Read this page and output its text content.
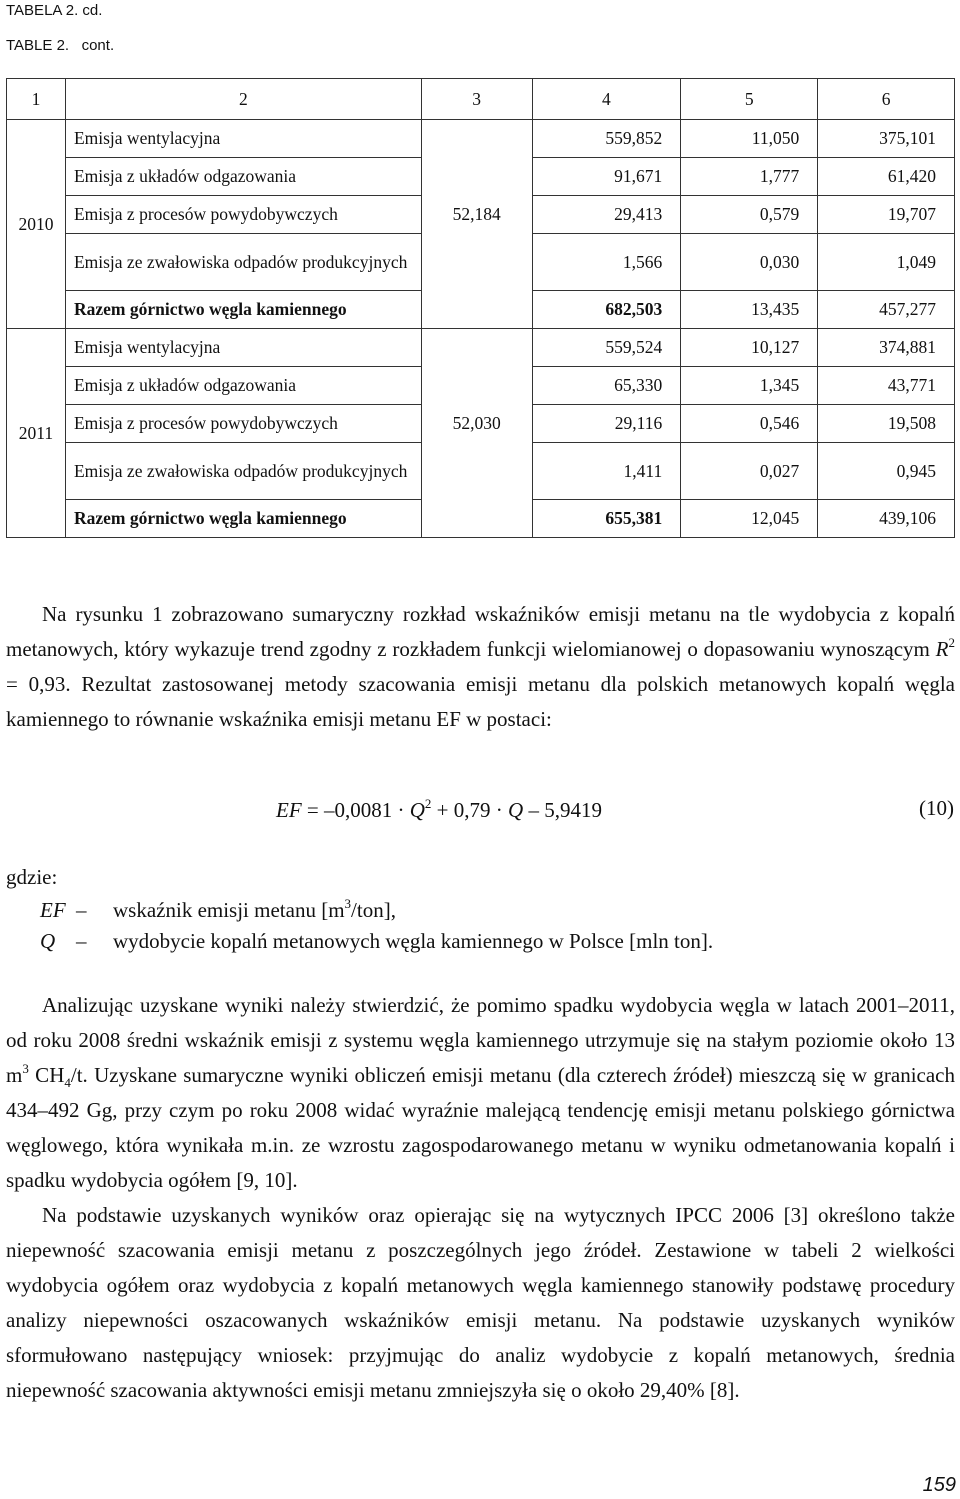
TABELA 2. cd.
TABLE 2.   cont.
1	2	3	4	5	6
2010	Emisja wentylacyjna	52,184	559,852	11,050	375,101
	Emisja z układów odgazowania		91,671	1,777	61,420
	Emisja z procesów powydobywczych		29,413	0,579	19,707
	Emisja ze zwałowiska odpadów produkcyjnych		1,566	0,030	1,049
	Razem górnictwo węgla kamiennego		682,503	13,435	457,277
2011	Emisja wentylacyjna	52,030	559,524	10,127	374,881
	Emisja z układów odgazowania		65,330	1,345	43,771
	Emisja z procesów powydobywczych		29,116	0,546	19,508
	Emisja ze zwałowiska odpadów produkcyjnych		1,411	0,027	0,945
	Razem górnictwo węgla kamiennego		655,381	12,045	439,106

Na rysunku 1 zobrazowano sumaryczny rozkład wskaźników emisji metanu na tle wydobycia z kopalń metanowych, który wykazuje trend zgodny z rozkładem funkcji wielomianowej o dopasowaniu wynoszącym $R^2 = 0,93$. Rezultat zastosowanej metody szacowania emisji metanu dla polskich metanowych kopalń węgla kamiennego to równanie wskaźnika emisji metanu EF w postaci:

EF = $-0,0081 \cdot Q^2 + 0,79 \cdot Q - 5,9419$	(10)
gdzie:
EF – wskaźnik emisji metanu $[m^3/ton]$,
Q – wydobycie kopalń metanowych węgla kamiennego w Polsce [mln ton].

Analizując uzyskane wyniki należy stwierdzić, że pomimo spadku wydobycia węgla w latach 2001–2011, od roku 2008 średni wskaźnik emisji z systemu węgla kamiennego utrzymuje się na stałym poziomie około 13 $m^3$ $CH_4/t$. Uzyskane sumaryczne wyniki obliczeń emisji metanu (dla czterech źródeł) mieszczą się w granicach 434–492 Gg, przy czym po roku 2008 widać wyraźnie malejącą tendencję emisji metanu polskiego górnictwa węglowego, która wynikała m.in. ze wzrostu zagospodarowanego metanu w wyniku odmetanowania kopalń i spadku wydobycia ogółem [9, 10].

Na podstawie uzyskanych wyników oraz opierając się na wytycznych IPCC 2006 [3] określono także niepewność szacowania emisji metanu z poszczególnych jego źródeł. Zestawione w tabeli 2 wielkości wydobycia ogółem oraz wydobycia z kopalń metanowych węgla kamiennego stanowiły podstawę procedury analizy niepewności oszacowanych wskaźników emisji metanu. Na podstawie uzyskanych wyników sformułowano następujący wniosek: przyjmując do analiz wydobycie z kopalń metanowych, średnia niepewność szacowania aktywności emisji metanu zmniejszyła się o około 29,40% [8].

159
